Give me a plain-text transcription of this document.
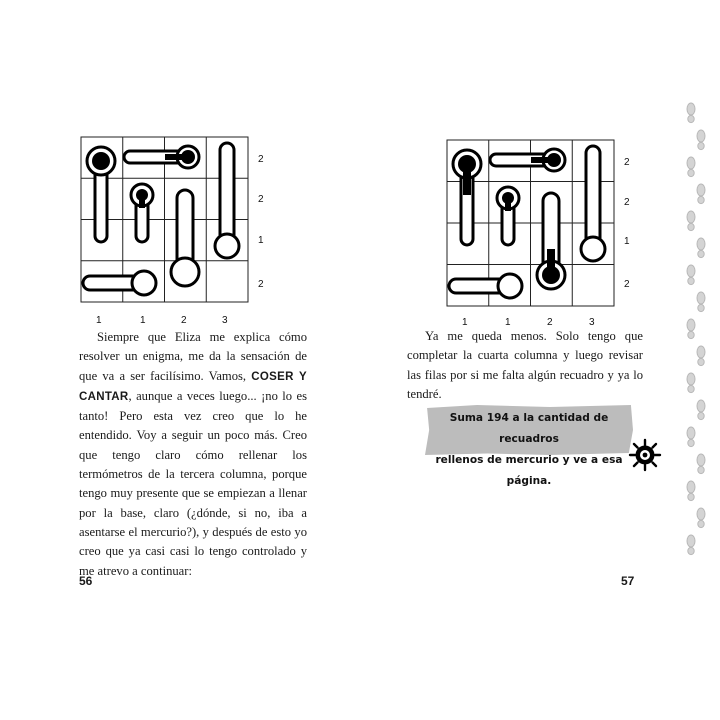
2
2
1
2
1	1	2	3

Siempre que Eliza me explica cómo resolver un enigma, me da la sensación de que va a ser facilísimo. Vamos, COSER Y CANTAR, aunque a veces luego... ¡no lo es tanto! Pero esta vez creo que lo he entendido. Voy a seguir un poco más. Creo que tengo claro cómo rellenar los termómetros de la tercera columna, porque tengo muy presente que se empiezan a llenar por la base, claro (¿dónde, si no, iba a asentarse el mercurio?), y después de esto yo creo que ya casi casi lo tengo controlado y me atrevo a continuar:

56
2
2
1
2
1	1	2	3

Ya me queda menos. Solo tengo que completar la cuarta columna y luego revisar las filas por si me falta algún recuadro y ya lo tendré.

Suma 194 a la cantidad de recuadros
rellenos de mercurio y ve a esa página.
57
